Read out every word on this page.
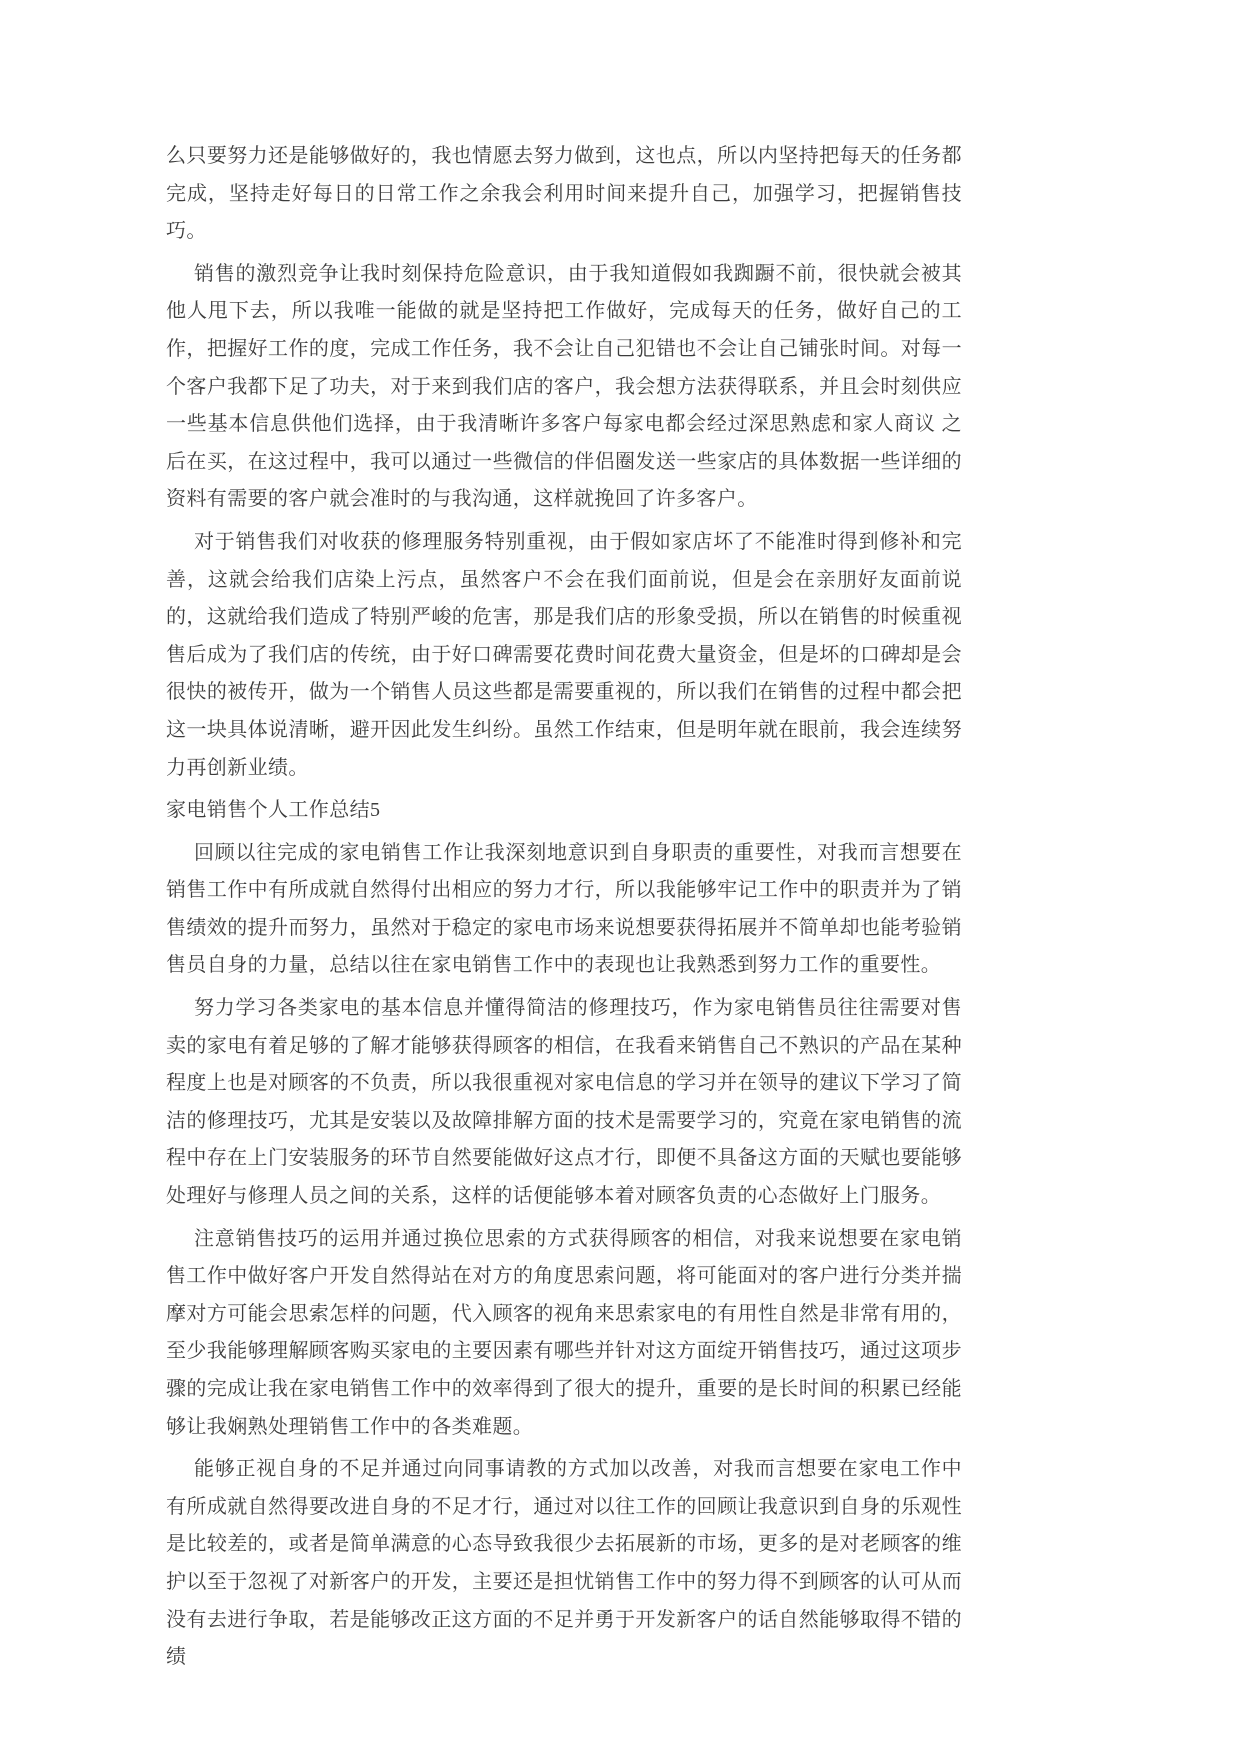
么只要努力还是能够做好的，我也情愿去努力做到，这也点，所以内坚持把每天的任务都完成，坚持走好每日的日常工作之余我会利用时间来提升自己，加强学习，把握销售技巧。

销售的激烈竞争让我时刻保持危险意识，由于我知道假如我踟蹰不前，很快就会被其他人甩下去，所以我唯一能做的就是坚持把工作做好，完成每天的任务，做好自己的工作，把握好工作的度，完成工作任务，我不会让自己犯错也不会让自己铺张时间。对每一个客户我都下足了功夫，对于来到我们店的客户，我会想方法获得联系，并且会时刻供应一些基本信息供他们选择，由于我清晰许多客户每家电都会经过深思熟虑和家人商议 之后在买，在这过程中，我可以通过一些微信的伴侣圈发送一些家店的具体数据一些详细的资料有需要的客户就会准时的与我沟通，这样就挽回了许多客户。

对于销售我们对收获的修理服务特别重视，由于假如家店坏了不能准时得到修补和完善，这就会给我们店染上污点，虽然客户不会在我们面前说，但是会在亲朋好友面前说的，这就给我们造成了特别严峻的危害，那是我们店的形象受损，所以在销售的时候重视售后成为了我们店的传统，由于好口碑需要花费时间花费大量资金，但是坏的口碑却是会很快的被传开，做为一个销售人员这些都是需要重视的，所以我们在销售的过程中都会把这一块具体说清晰，避开因此发生纠纷。虽然工作结束，但是明年就在眼前，我会连续努力再创新业绩。

家电销售个人工作总结5

回顾以往完成的家电销售工作让我深刻地意识到自身职责的重要性，对我而言想要在销售工作中有所成就自然得付出相应的努力才行，所以我能够牢记工作中的职责并为了销售绩效的提升而努力，虽然对于稳定的家电市场来说想要获得拓展并不简单却也能考验销售员自身的力量，总结以往在家电销售工作中的表现也让我熟悉到努力工作的重要性。

努力学习各类家电的基本信息并懂得简洁的修理技巧，作为家电销售员往往需要对售卖的家电有着足够的了解才能够获得顾客的相信，在我看来销售自己不熟识的产品在某种程度上也是对顾客的不负责，所以我很重视对家电信息的学习并在领导的建议下学习了简洁的修理技巧，尤其是安装以及故障排解方面的技术是需要学习的，究竟在家电销售的流程中存在上门安装服务的环节自然要能做好这点才行，即便不具备这方面的天赋也要能够处理好与修理人员之间的关系，这样的话便能够本着对顾客负责的心态做好上门服务。

注意销售技巧的运用并通过换位思索的方式获得顾客的相信，对我来说想要在家电销售工作中做好客户开发自然得站在对方的角度思索问题，将可能面对的客户进行分类并揣摩对方可能会思索怎样的问题，代入顾客的视角来思索家电的有用性自然是非常有用的，至少我能够理解顾客购买家电的主要因素有哪些并针对这方面绽开销售技巧，通过这项步骤的完成让我在家电销售工作中的效率得到了很大的提升，重要的是长时间的积累已经能够让我娴熟处理销售工作中的各类难题。

能够正视自身的不足并通过向同事请教的方式加以改善，对我而言想要在家电工作中有所成就自然得要改进自身的不足才行，通过对以往工作的回顾让我意识到自身的乐观性是比较差的，或者是简单满意的心态导致我很少去拓展新的市场，更多的是对老顾客的维护以至于忽视了对新客户的开发，主要还是担忧销售工作中的努力得不到顾客的认可从而没有去进行争取，若是能够改正这方面的不足并勇于开发新客户的话自然能够取得不错的绩
